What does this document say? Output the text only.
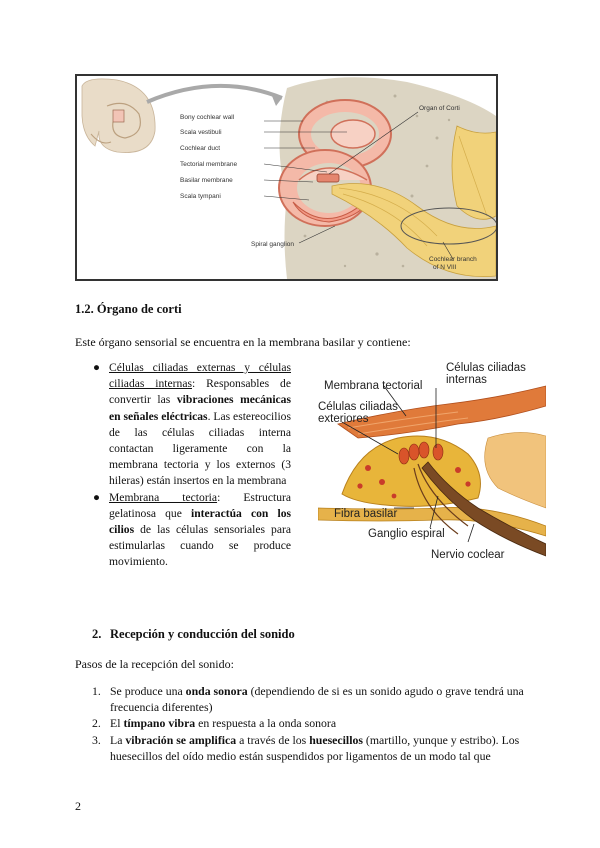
Bony cochlear wall
Scala vestibuli
Cochlear duct
Tectorial membrane
Basilar membrane
Scala tympani
Spiral ganglion
Organ of Corti
Cochlear branch
of N VIII
1.2. Órgano de corti
Este órgano sensorial se encuentra en la membrana basilar y contiene:
● Células ciliadas externas y células ciliadas internas: Responsables de convertir las vibraciones mecánicas en señales eléctricas. Las estereocilios de las células ciliadas interna contactan ligeramente con la membrana tectoria y los externos (3 hileras) están insertos en la membrana
● Membrana tectoria: Estructura gelatinosa que interactúa con los cilios de las células sensoriales para estimularlas cuando se produce movimiento.
Células ciliadas
internas
Membrana tectorial
Células ciliadas
exteriores
Fibra basilar
Ganglio espiral
Nervio coclear
2. Recepción y conducción del sonido
Pasos de la recepción del sonido:
1. Se produce una onda sonora (dependiendo de si es un sonido agudo o grave tendrá una frecuencia diferentes)
2. El tímpano vibra en respuesta a la onda sonora
3. La vibración se amplifica a través de los huesecillos (martillo, yunque y estribo). Los huesecillos del oído medio están suspendidos por ligamentos de un modo tal que
2
